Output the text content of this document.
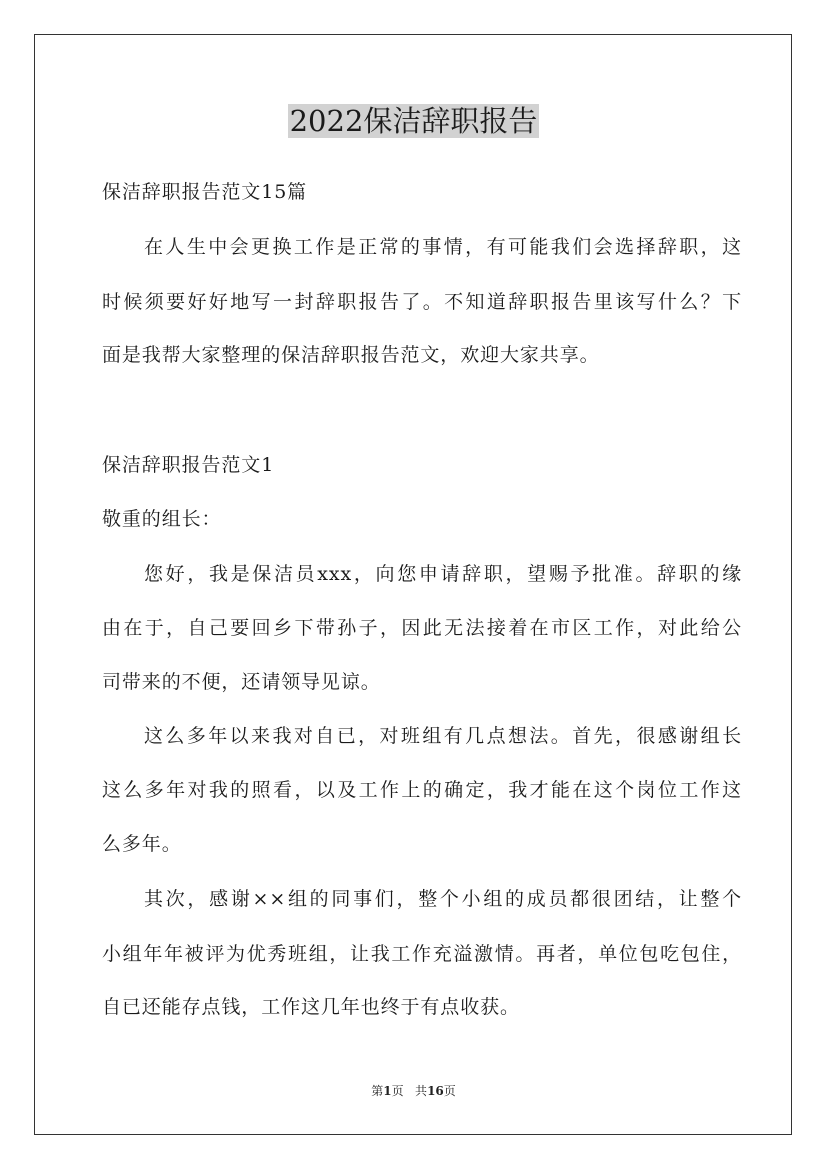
2022保洁辞职报告
保洁辞职报告范文15篇
在人生中会更换工作是正常的事情，有可能我们会选择辞职，这
时候须要好好地写一封辞职报告了。不知道辞职报告里该写什么？下
面是我帮大家整理的保洁辞职报告范文，欢迎大家共享。
保洁辞职报告范文1
敬重的组长：
您好，我是保洁员xxx，向您申请辞职，望赐予批准。辞职的缘
由在于，自己要回乡下带孙子，因此无法接着在市区工作，对此给公
司带来的不便，还请领导见谅。
这么多年以来我对自已，对班组有几点想法。首先，很感谢组长
这么多年对我的照看，以及工作上的确定，我才能在这个岗位工作这
么多年。
其次，感谢××组的同事们，整个小组的成员都很团结，让整个
小组年年被评为优秀班组，让我工作充溢激情。再者，单位包吃包住，
自已还能存点钱，工作这几年也终于有点收获。
第1页 共16页
